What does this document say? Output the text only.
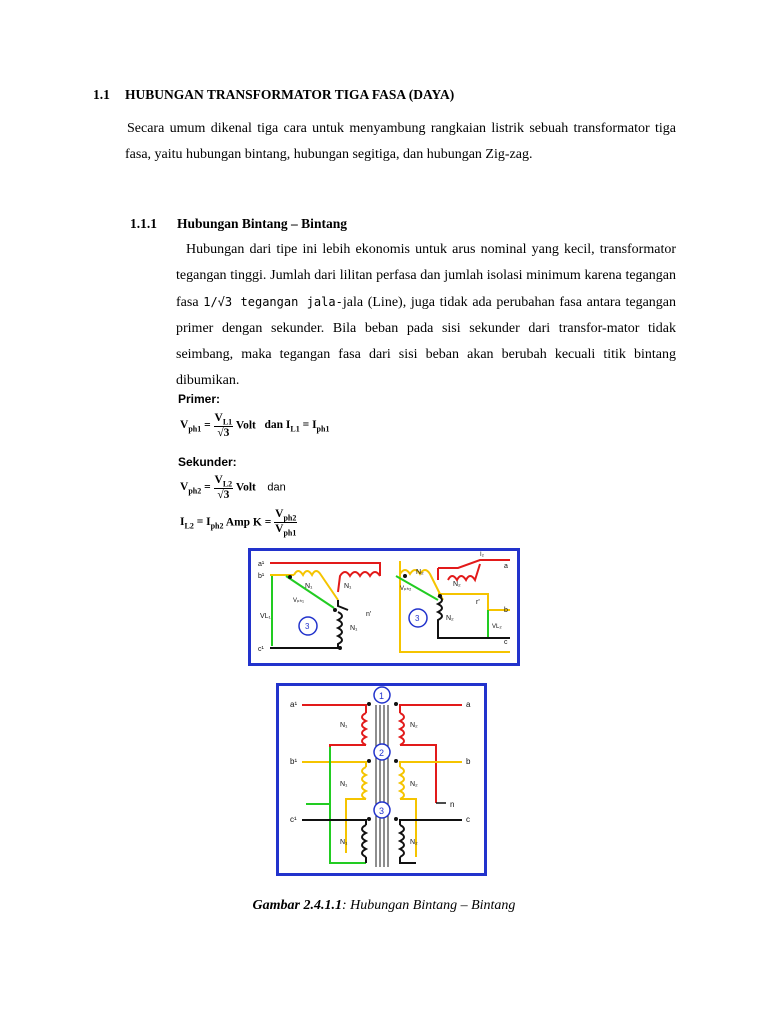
1.1 HUBUNGAN TRANSFORMATOR TIGA FASA (DAYA)
Secara umum dikenal tiga cara untuk menyambung rangkaian listrik sebuah transformator tiga fasa, yaitu hubungan bintang, hubungan segitiga, dan hubungan Zig-zag.
1.1.1 Hubungan Bintang – Bintang
Hubungan dari tipe ini lebih ekonomis untuk arus nominal yang kecil, transformator tegangan tinggi. Jumlah dari lilitan perfasa dan jumlah isolasi minimum karena tegangan fasa 1/√3 tegangan jala-jala (Line), juga tidak ada perubahan fasa antara tegangan primer dengan sekunder. Bila beban pada sisi sekunder dari transfor-mator tidak seimbang, maka tegangan fasa dari sisi beban akan berubah kecuali titik bintang dibumikan.
Primer:
$V_{ph1} = \frac{V_{L1}}{√3}$ Volt dan $I_{L1} = I_{ph1}$
Sekunder:
$V_{ph2} = \frac{V_{L2}}{√3}$ Volt dan
$I_{L2} = I_{ph2}$ Amp $K = \frac{V_{ph2}}{V_{ph1}}$
a¹
b¹
c¹
VL₁
Vₚₕ₁
N₁	N₁
N₁
n'
3
I₂
a
b
c
r'
N₂
N₂
N₂
Vₚₕ₂
VL₂
3
1
2
3
a¹
b¹
c¹
a
b
c
n
N₁
N₁
N₁
N₂
N₂
N₂
Gambar 2.4.1.1: Hubungan Bintang – Bintang
